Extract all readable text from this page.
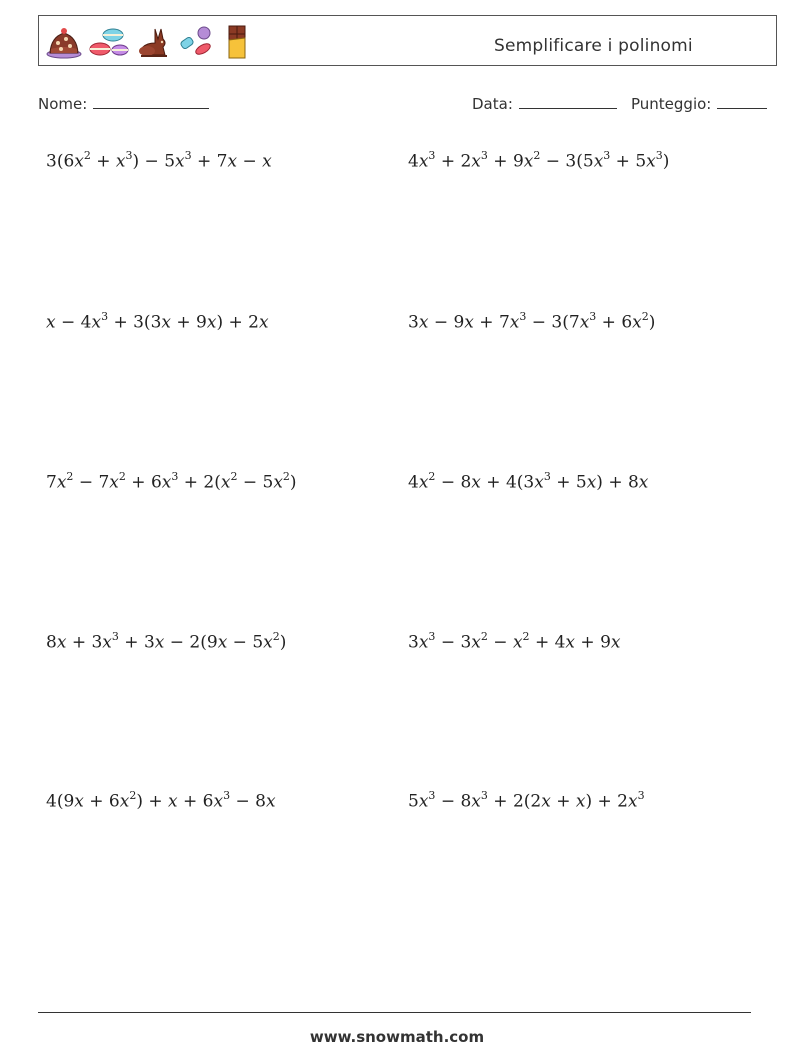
Semplificare i polinomi
Nome:	Data:	Punteggio:
$3(6x^2 + x^3) - 5x^3 + 7x - x$	$4x^3 + 2x^3 + 9x^2 - 3(5x^3 + 5x^3)$
$x - 4x^3 + 3(3x + 9x) + 2x$	$3x - 9x + 7x^3 - 3(7x^3 + 6x^2)$
$7x^2 - 7x^2 + 6x^3 + 2(x^2 - 5x^2)$	$4x^2 - 8x + 4(3x^3 + 5x) + 8x$
$8x + 3x^3 + 3x - 2(9x - 5x^2)$	$3x^3 - 3x^2 - x^2 + 4x + 9x$
$4(9x + 6x^2) + x + 6x^3 - 8x$	$5x^3 - 8x^3 + 2(2x + x) + 2x^3$
www.snowmath.com
